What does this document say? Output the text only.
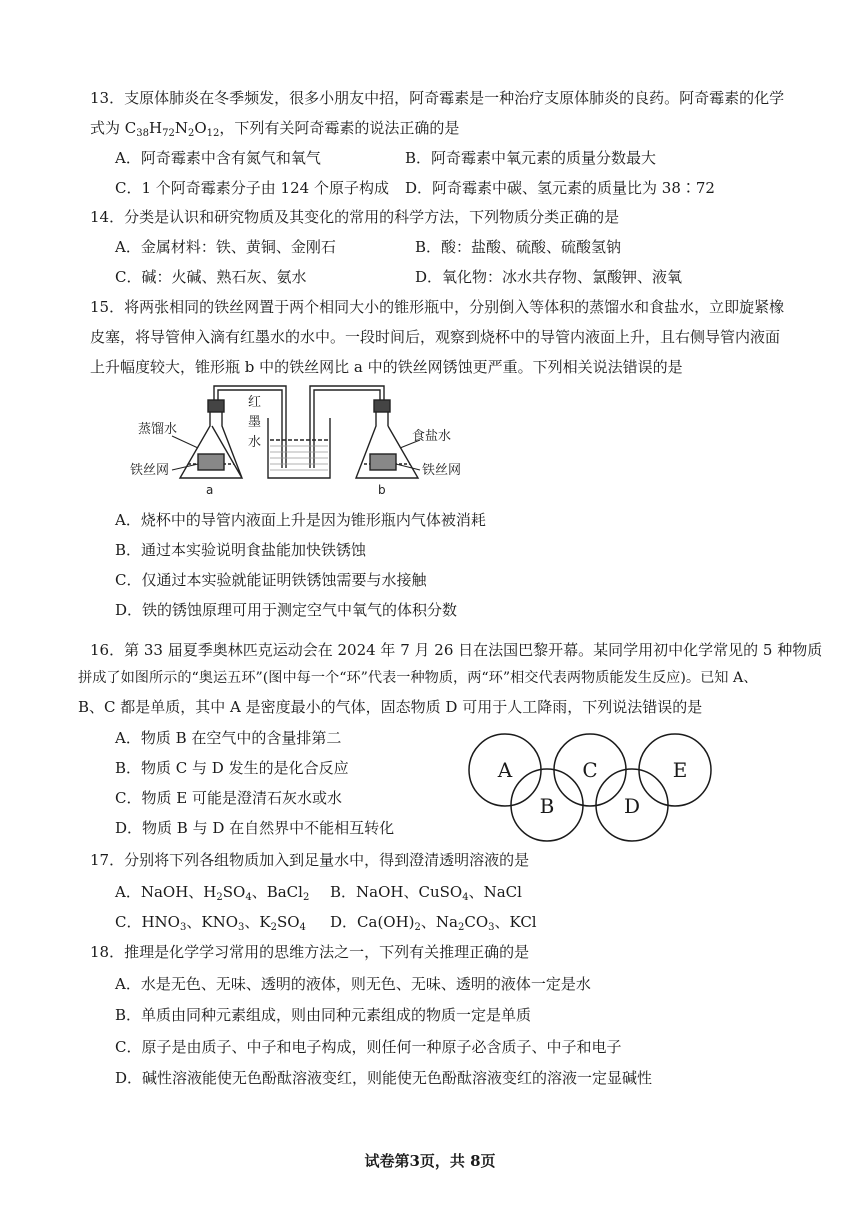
13．支原体肺炎在冬季频发，很多小朋友中招，阿奇霉素是一种治疗支原体肺炎的良药。阿奇霉素的化学
式为 $C_{38}H_{72}N_2O_{12}$，下列有关阿奇霉素的说法正确的是
A．阿奇霉素中含有氮气和氧气	B．阿奇霉素中氧元素的质量分数最大
C．1 个阿奇霉素分子由 124 个原子构成 D．阿奇霉素中碳、氢元素的质量比为 38∶72
14．分类是认识和研究物质及其变化的常用的科学方法，下列物质分类正确的是
A．金属材料：铁、黄铜、金刚石	B．酸：盐酸、硫酸、硫酸氢钠
C．碱：火碱、熟石灰、氨水	D．氧化物：冰水共存物、氯酸钾、液氧
15．将两张相同的铁丝网置于两个相同大小的锥形瓶中，分别倒入等体积的蒸馏水和食盐水，立即旋紧橡
皮塞，将导管伸入滴有红墨水的水中。一段时间后，观察到烧杯中的导管内液面上升，且右侧导管内液面
上升幅度较大，锥形瓶 b 中的铁丝网比 a 中的铁丝网锈蚀更严重。下列相关说法错误的是
蒸馏水
铁丝网
红
墨
水	食盐水
铁丝网
a	b
A．烧杯中的导管内液面上升是因为锥形瓶内气体被消耗
B．通过本实验说明食盐能加快铁锈蚀
C．仅通过本实验就能证明铁锈蚀需要与水接触
D．铁的锈蚀原理可用于测定空气中氧气的体积分数
16．第 33 届夏季奥林匹克运动会在 2024 年 7 月 26 日在法国巴黎开幕。某同学用初中化学常见的 5 种物质
拼成了如图所示的“奥运五环”(图中每一个“环”代表一种物质，两“环”相交代表两物质能发生反应)。已知 A、
B、C 都是单质，其中 A 是密度最小的气体，固态物质 D 可用于人工降雨，下列说法错误的是
A．物质 B 在空气中的含量排第二
B．物质 C 与 D 发生的是化合反应
C．物质 E 可能是澄清石灰水或水
D．物质 B 与 D 在自然界中不能相互转化
A
B
C
D
E
17．分别将下列各组物质加入到足量水中，得到澄清透明溶液的是
A．NaOH、$H_2SO_4$、BaCl$_2$ B．NaOH、CuSO$_4$、NaCl
C．$HNO_3$、$KNO_3$、$K_2SO_4$ D．$Ca(OH)_2$、$Na_2CO_3$、KCl
18．推理是化学学习常用的思维方法之一，下列有关推理正确的是
A．水是无色、无味、透明的液体，则无色、无味、透明的液体一定是水
B．单质由同种元素组成，则由同种元素组成的物质一定是单质
C．原子是由质子、中子和电子构成，则任何一种原子必含质子、中子和电子
D．碱性溶液能使无色酚酞溶液变红，则能使无色酚酞溶液变红的溶液一定显碱性
试卷第3页，共 8页
